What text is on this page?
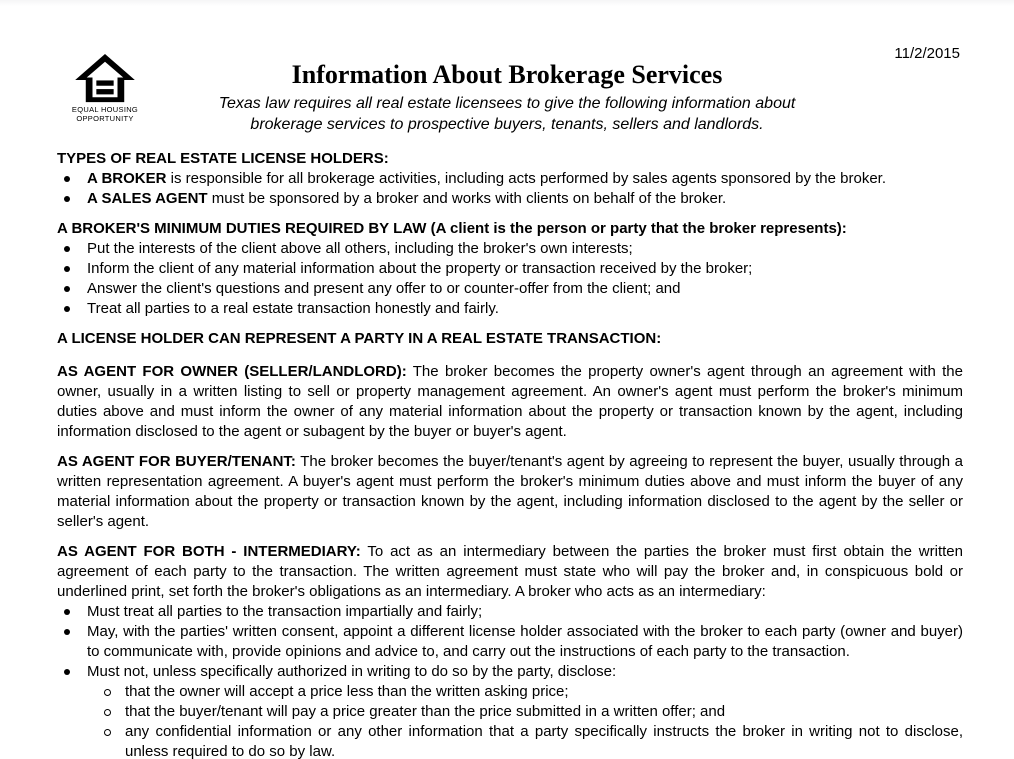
11/2/2015
EQUAL HOUSING
OPPORTUNITY
Information About Brokerage Services
Texas law requires all real estate licensees to give the following information about
brokerage services to prospective buyers, tenants, sellers and landlords.
TYPES OF REAL ESTATE LICENSE HOLDERS:
A BROKER is responsible for all brokerage activities, including acts performed by sales agents sponsored by the broker.
A SALES AGENT must be sponsored by a broker and works with clients on behalf of the broker.
A BROKER'S MINIMUM DUTIES REQUIRED BY LAW (A client is the person or party that the broker represents):
Put the interests of the client above all others, including the broker's own interests;
Inform the client of any material information about the property or transaction received by the broker;
Answer the client's questions and present any offer to or counter-offer from the client; and
Treat all parties to a real estate transaction honestly and fairly.
A LICENSE HOLDER CAN REPRESENT A PARTY IN A REAL ESTATE TRANSACTION:

AS AGENT FOR OWNER (SELLER/LANDLORD): The broker becomes the property owner's agent through an agreement with the owner, usually in a written listing to sell or property management agreement. An owner's agent must perform the broker's minimum duties above and must inform the owner of any material information about the property or transaction known by the agent, including information disclosed to the agent or subagent by the buyer or buyer's agent.

AS AGENT FOR BUYER/TENANT: The broker becomes the buyer/tenant's agent by agreeing to represent the buyer, usually through a written representation agreement. A buyer's agent must perform the broker's minimum duties above and must inform the buyer of any material information about the property or transaction known by the agent, including information disclosed to the agent by the seller or seller's agent.

AS AGENT FOR BOTH - INTERMEDIARY: To act as an intermediary between the parties the broker must first obtain the written agreement of each party to the transaction. The written agreement must state who will pay the broker and, in conspicuous bold or underlined print, set forth the broker's obligations as an intermediary. A broker who acts as an intermediary:

Must treat all parties to the transaction impartially and fairly;
May, with the parties' written consent, appoint a different license holder associated with the broker to each party (owner and buyer) to communicate with, provide opinions and advice to, and carry out the instructions of each party to the transaction.
Must not, unless specifically authorized in writing to do so by the party, disclose:
that the owner will accept a price less than the written asking price;
that the buyer/tenant will pay a price greater than the price submitted in a written offer; and
any confidential information or any other information that a party specifically instructs the broker in writing not to disclose, unless required to do so by law.
